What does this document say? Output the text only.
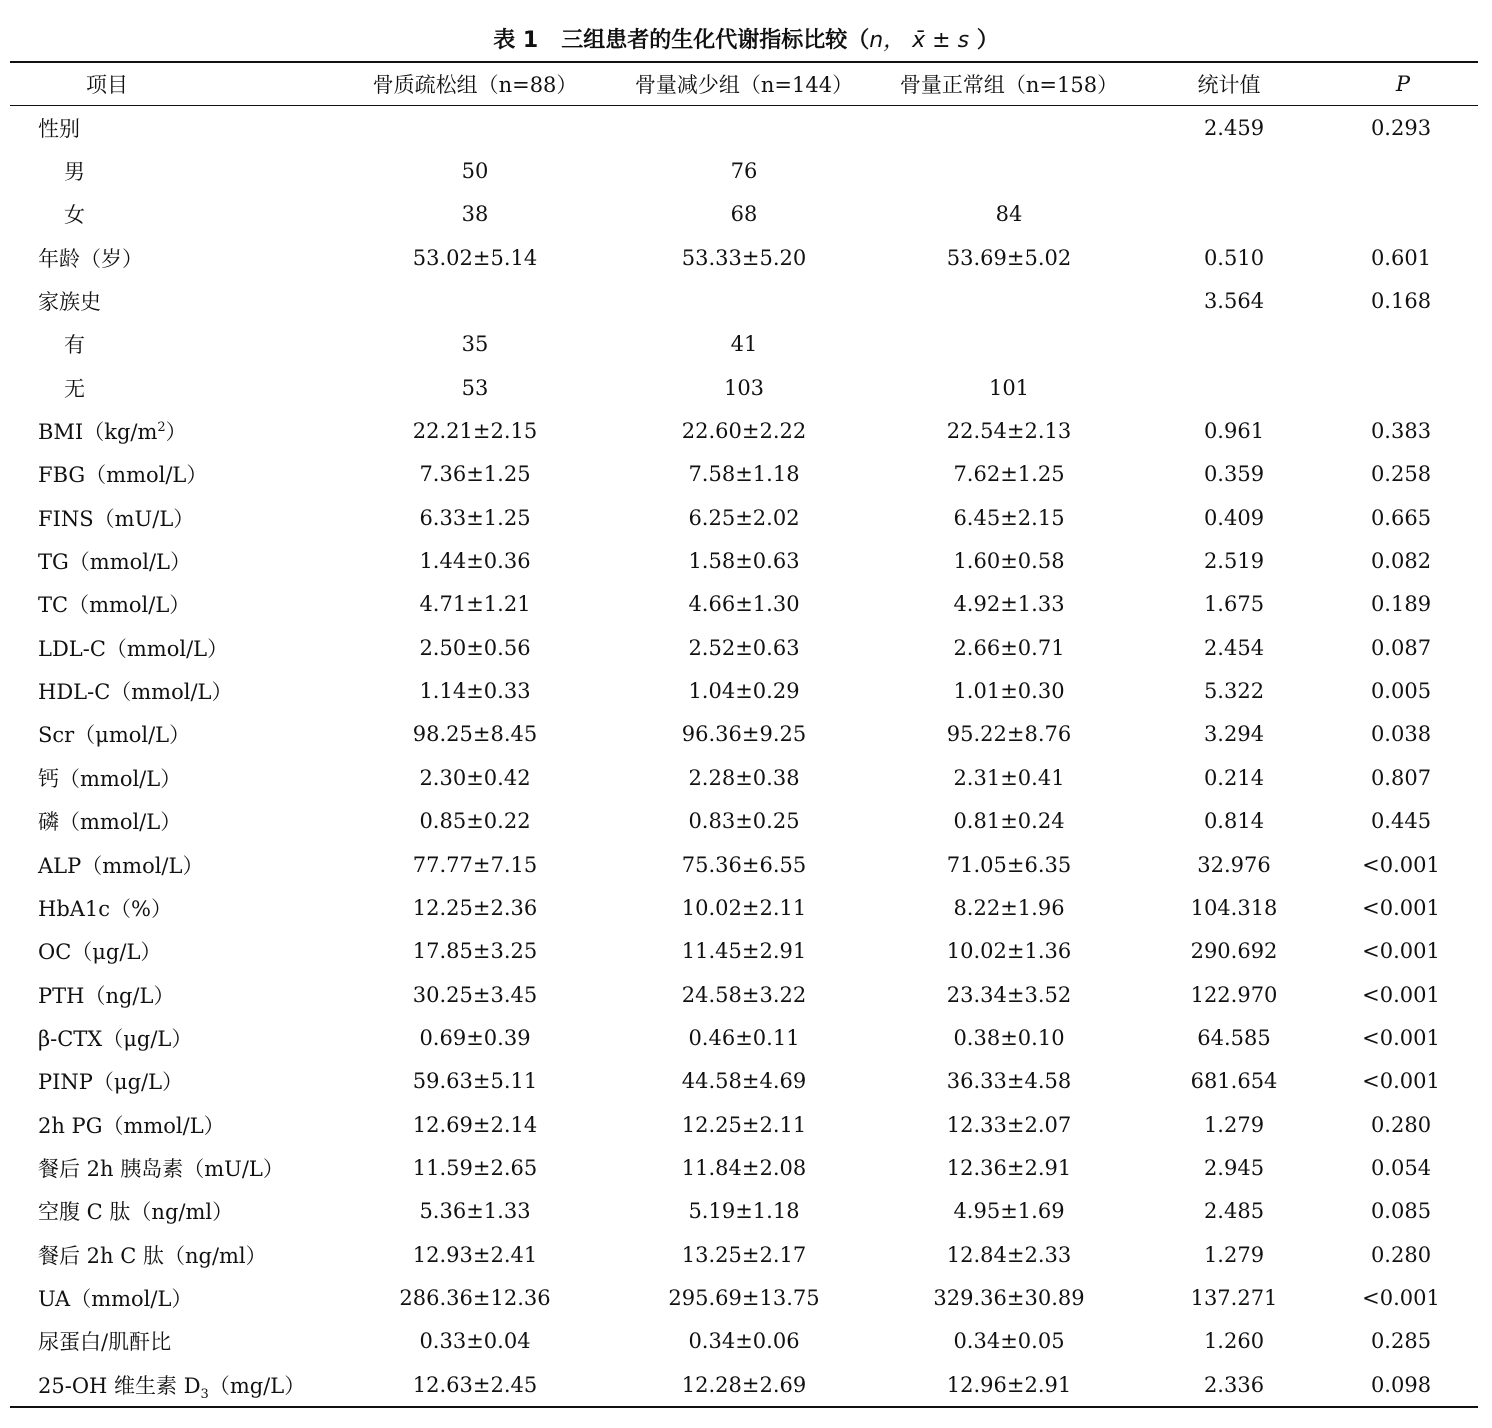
表 1   三组患者的生化代谢指标比较（n， x̄ ± s ）
项目	骨质疏松组（n=88）	骨量减少组（n=144）	骨量正常组（n=158）	统计值	P
性别				2.459	0.293
男	50	76			
女	38	68	84		
年龄（岁）	53.02±5.14	53.33±5.20	53.69±5.02	0.510	0.601
家族史				3.564	0.168
有	35	41			
无	53	103	101		
$BMI(kg/m^2)$	22.21±2.15	22.60±2.22	22.54±2.13	0.961	0.383
FBG（mmol/L）	7.36±1.25	7.58±1.18	7.62±1.25	0.359	0.258
FINS（mU/L）	6.33±1.25	6.25±2.02	6.45±2.15	0.409	0.665
TG（mmol/L）	1.44±0.36	1.58±0.63	1.60±0.58	2.519	0.082
TC（mmol/L）	4.71±1.21	4.66±1.30	4.92±1.33	1.675	0.189
LDL-C（mmol/L）	2.50±0.56	2.52±0.63	2.66±0.71	2.454	0.087
HDL-C（mmol/L）	1.14±0.33	1.04±0.29	1.01±0.30	5.322	0.005
Scr（μmol/L）	98.25±8.45	96.36±9.25	95.22±8.76	3.294	0.038
钙（mmol/L）	2.30±0.42	2.28±0.38	2.31±0.41	0.214	0.807
磷（mmol/L）	0.85±0.22	0.83±0.25	0.81±0.24	0.814	0.445
ALP（mmol/L）	77.77±7.15	75.36±6.55	71.05±6.35	32.976	<0.001
HbA1c（%）	12.25±2.36	10.02±2.11	8.22±1.96	104.318	<0.001
OC（μg/L）	17.85±3.25	11.45±2.91	10.02±1.36	290.692	<0.001
PTH（ng/L）	30.25±3.45	24.58±3.22	23.34±3.52	122.970	<0.001
β-CTX（μg/L）	0.69±0.39	0.46±0.11	0.38±0.10	64.585	<0.001
PⅠNP（μg/L）	59.63±5.11	44.58±4.69	36.33±4.58	681.654	<0.001
2h PG（mmol/L）	12.69±2.14	12.25±2.11	12.33±2.07	1.279	0.280
餐后 2h 胰岛素（mU/L）	11.59±2.65	11.84±2.08	12.36±2.91	2.945	0.054
空腹 C 肽（ng/ml）	5.36±1.33	5.19±1.18	4.95±1.69	2.485	0.085
餐后 2h C 肽（ng/ml）	12.93±2.41	13.25±2.17	12.84±2.33	1.279	0.280
UA（mmol/L）	286.36±12.36	295.69±13.75	329.36±30.89	137.271	<0.001
尿蛋白/肌酐比	0.33±0.04	0.34±0.06	0.34±0.05	1.260	0.285
25-OH 维生素 $D_3(mg/L)$	12.63±2.45	12.28±2.69	12.96±2.91	2.336	0.098
